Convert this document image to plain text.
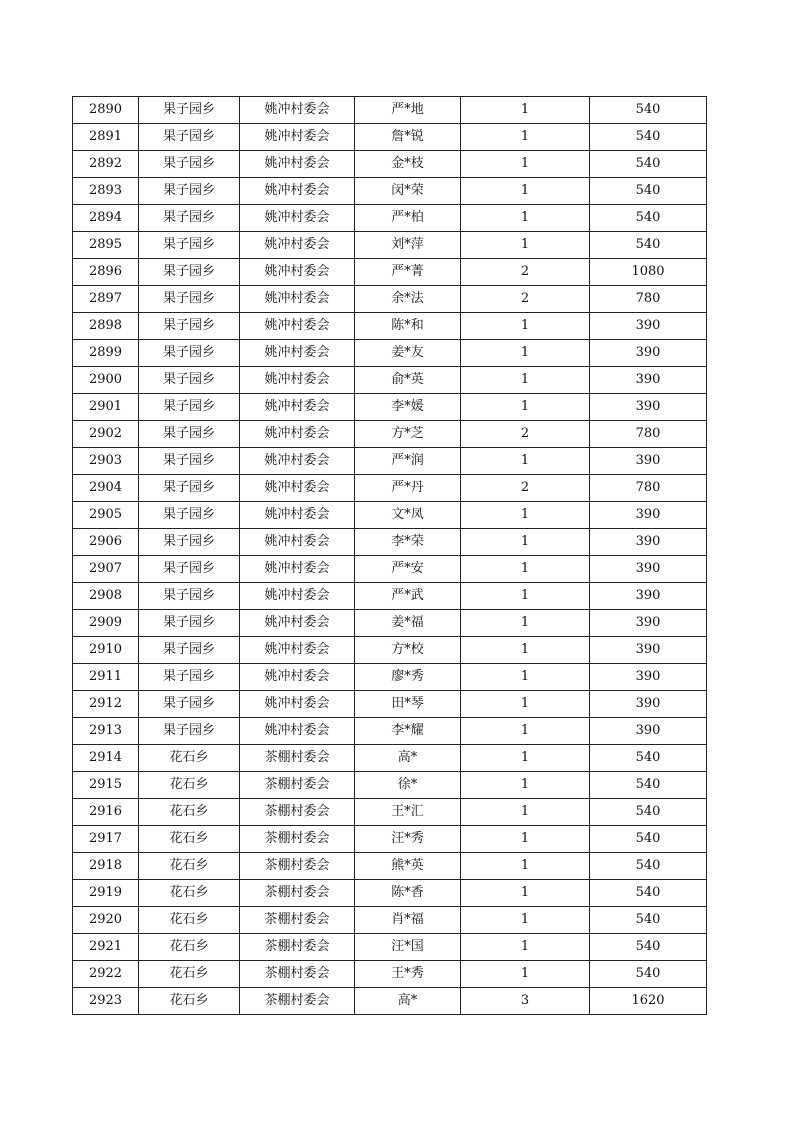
2890	果子园乡	姚冲村委会	严*地	1	540
2891	果子园乡	姚冲村委会	詹*锐	1	540
2892	果子园乡	姚冲村委会	金*枝	1	540
2893	果子园乡	姚冲村委会	闵*荣	1	540
2894	果子园乡	姚冲村委会	严*柏	1	540
2895	果子园乡	姚冲村委会	刘*萍	1	540
2896	果子园乡	姚冲村委会	严*菁	2	1080
2897	果子园乡	姚冲村委会	余*法	2	780
2898	果子园乡	姚冲村委会	陈*和	1	390
2899	果子园乡	姚冲村委会	姜*友	1	390
2900	果子园乡	姚冲村委会	俞*英	1	390
2901	果子园乡	姚冲村委会	李*媛	1	390
2902	果子园乡	姚冲村委会	方*芝	2	780
2903	果子园乡	姚冲村委会	严*润	1	390
2904	果子园乡	姚冲村委会	严*丹	2	780
2905	果子园乡	姚冲村委会	文*凤	1	390
2906	果子园乡	姚冲村委会	李*荣	1	390
2907	果子园乡	姚冲村委会	严*安	1	390
2908	果子园乡	姚冲村委会	严*武	1	390
2909	果子园乡	姚冲村委会	姜*福	1	390
2910	果子园乡	姚冲村委会	方*校	1	390
2911	果子园乡	姚冲村委会	廖*秀	1	390
2912	果子园乡	姚冲村委会	田*琴	1	390
2913	果子园乡	姚冲村委会	李*耀	1	390
2914	花石乡	茶棚村委会	高*	1	540
2915	花石乡	茶棚村委会	徐*	1	540
2916	花石乡	茶棚村委会	王*汇	1	540
2917	花石乡	茶棚村委会	汪*秀	1	540
2918	花石乡	茶棚村委会	熊*英	1	540
2919	花石乡	茶棚村委会	陈*香	1	540
2920	花石乡	茶棚村委会	肖*福	1	540
2921	花石乡	茶棚村委会	汪*国	1	540
2922	花石乡	茶棚村委会	王*秀	1	540
2923	花石乡	茶棚村委会	高*	3	1620
